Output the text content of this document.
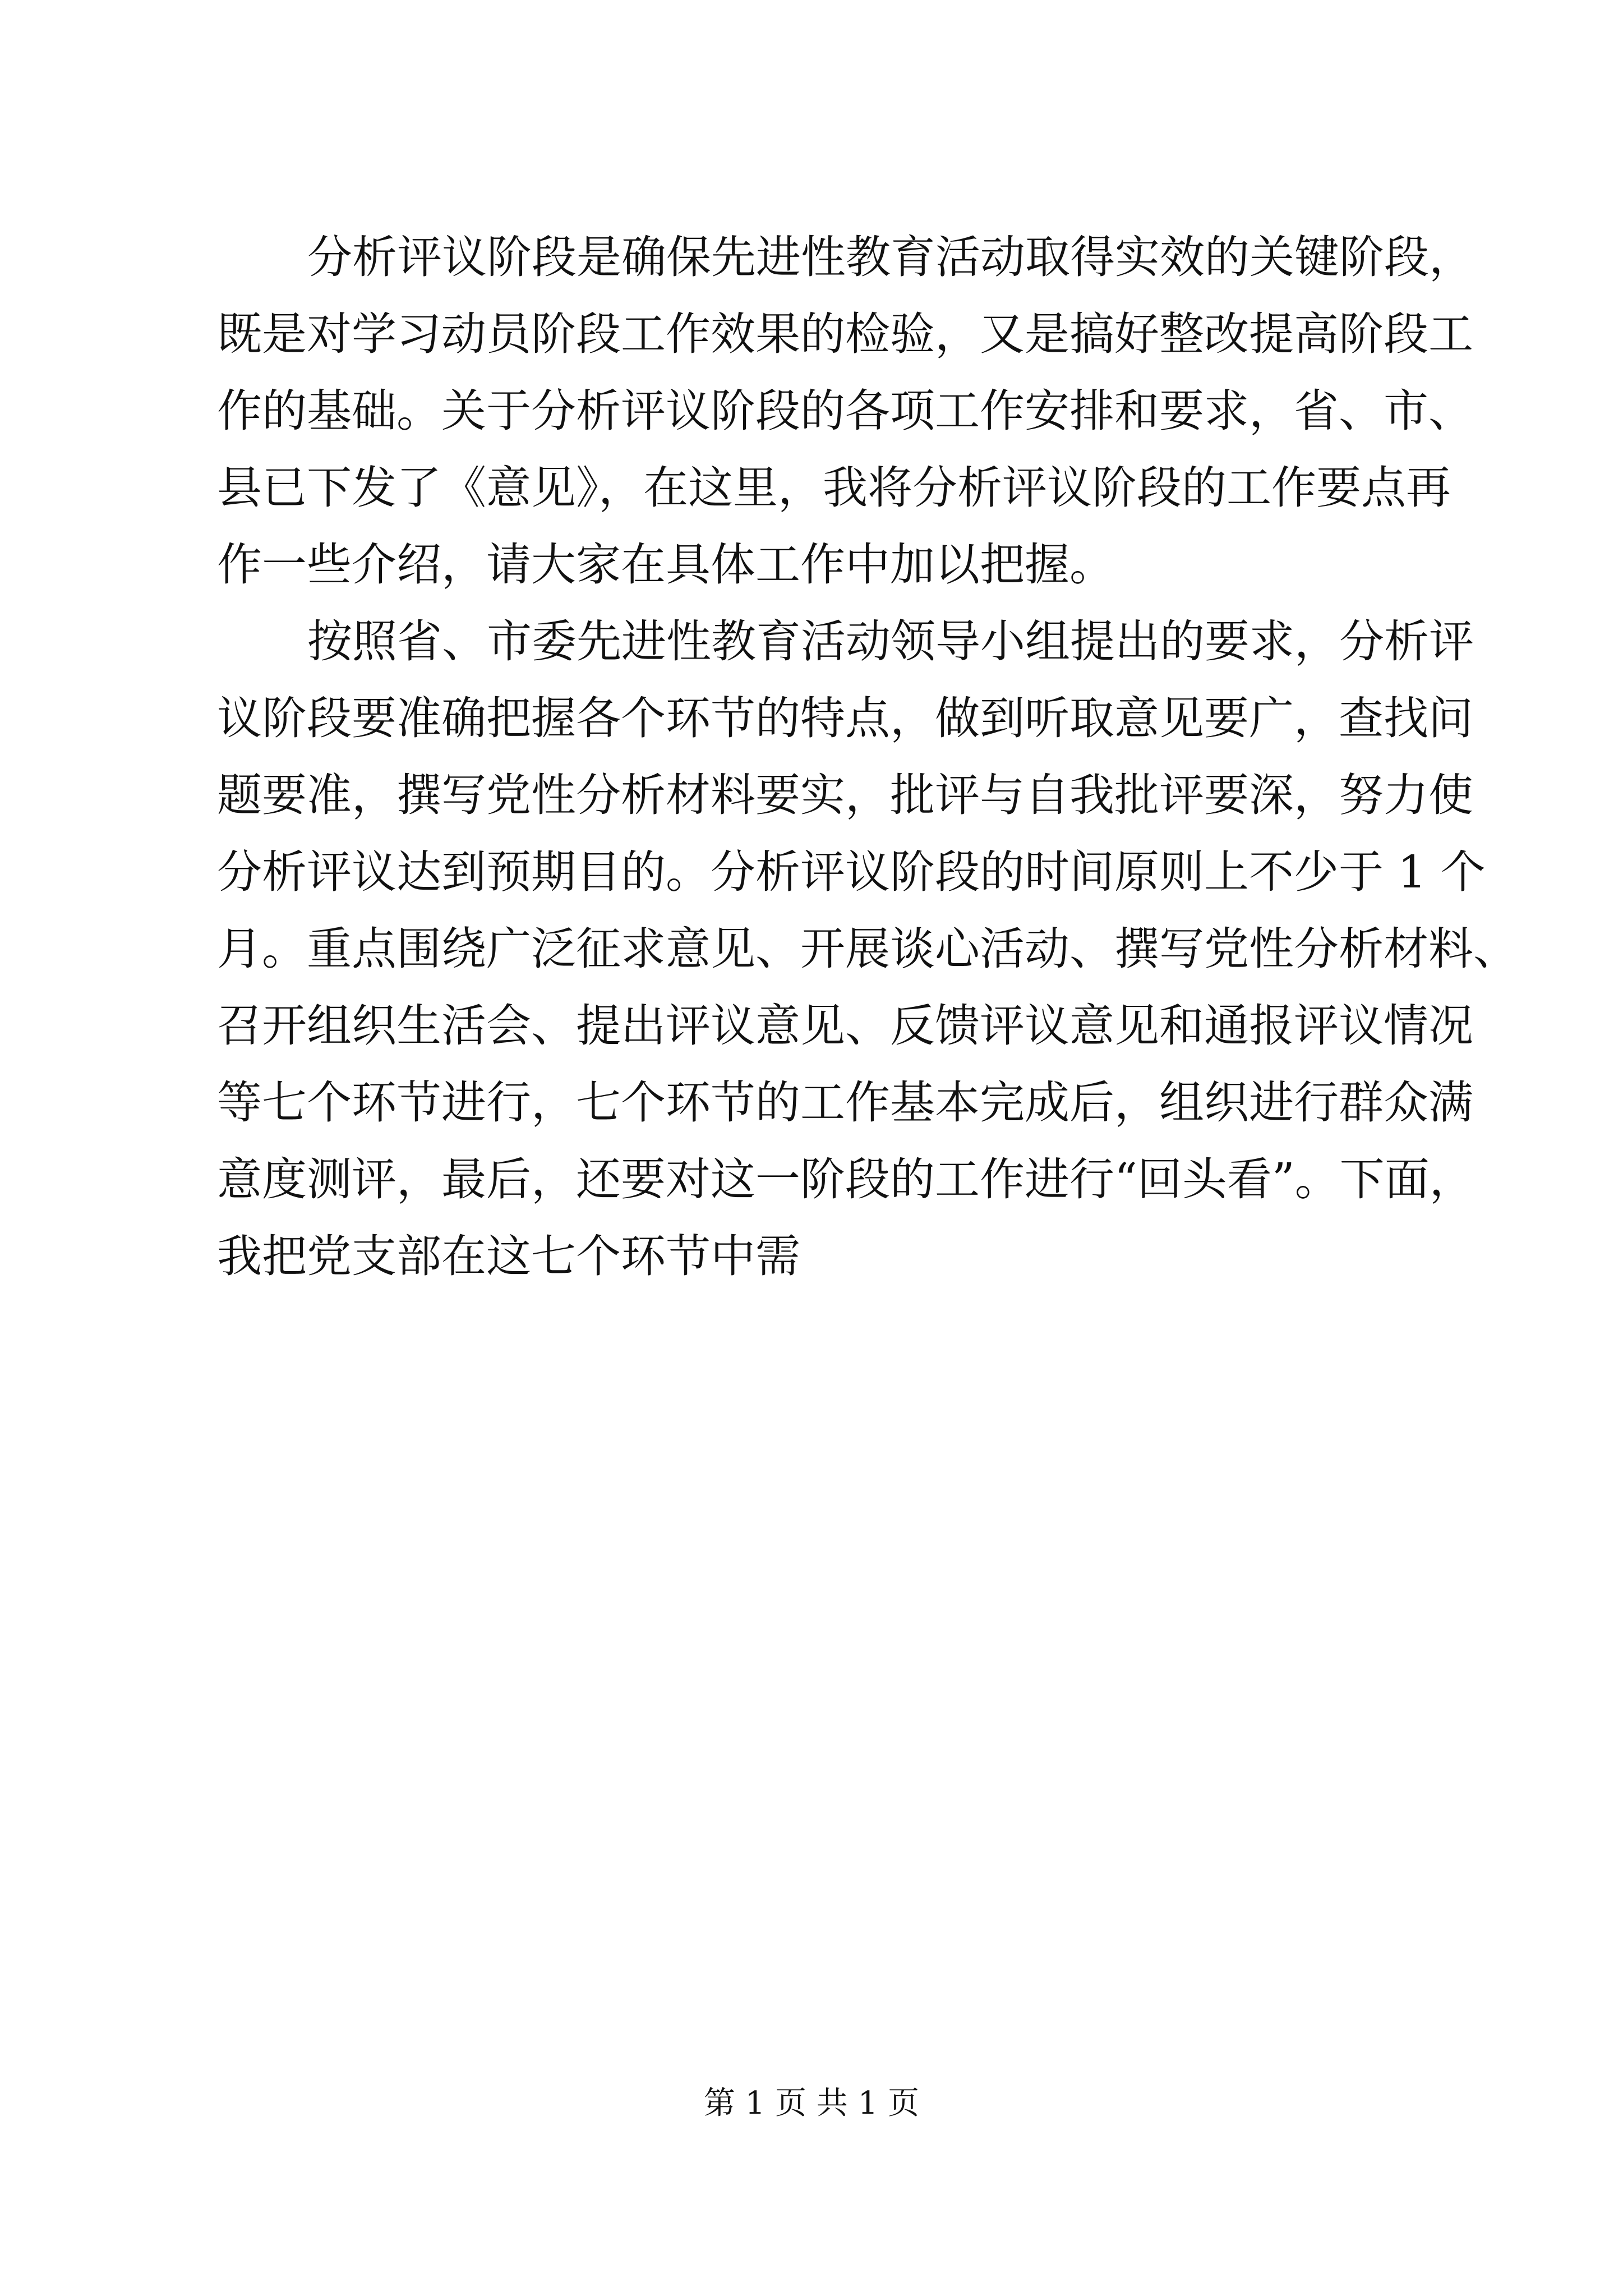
分析评议阶段是确保先进性教育活动取得实效的关键阶段，
既是对学习动员阶段工作效果的检验，又是搞好整改提高阶段工
作的基础。关于分析评议阶段的各项工作安排和要求，省、市、
县已下发了《意见》，在这里，我将分析评议阶段的工作要点再
作一些介绍，请大家在具体工作中加以把握。
按照省、市委先进性教育活动领导小组提出的要求，分析评
议阶段要准确把握各个环节的特点，做到听取意见要广，查找问
题要准，撰写党性分析材料要实，批评与自我批评要深，努力使
分析评议达到预期目的。分析评议阶段的时间原则上不少于 1 个
月。重点围绕广泛征求意见、开展谈心活动、撰写党性分析材料、
召开组织生活会、提出评议意见、反馈评议意见和通报评议情况
等七个环节进行，七个环节的工作基本完成后，组织进行群众满
意度测评，最后，还要对这一阶段的工作进行“回头看”。下面，
我把党支部在这七个环节中需
第 1 页 共 1 页
